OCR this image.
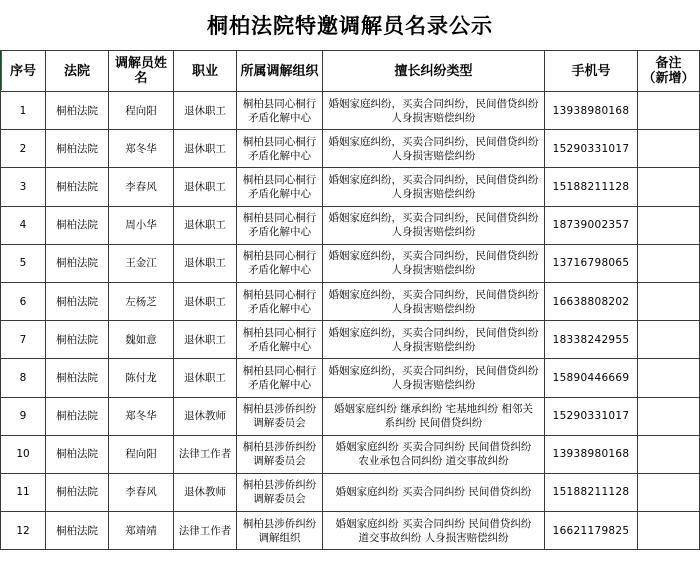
桐柏法院特邀调解员名录公示
序号	法院	调解员姓
名	职业	所属调解组织	擅长纠纷类型	手机号	备注
（新增）
1	桐柏法院	程向阳	退休职工	桐柏县同心桐行
矛盾化解中心	婚姻家庭纠纷，买卖合同纠纷，民间借贷纠纷
人身损害赔偿纠纷	13938980168	
2	桐柏法院	郑冬华	退休职工	桐柏县同心桐行
矛盾化解中心	婚姻家庭纠纷，买卖合同纠纷，民间借贷纠纷
人身损害赔偿纠纷	15290331017	
3	桐柏法院	李春风	退休职工	桐柏县同心桐行
矛盾化解中心	婚姻家庭纠纷，买卖合同纠纷，民间借贷纠纷
人身损害赔偿纠纷	15188211128	
4	桐柏法院	周小华	退休职工	桐柏县同心桐行
矛盾化解中心	婚姻家庭纠纷，买卖合同纠纷，民间借贷纠纷
人身损害赔偿纠纷	18739002357	
5	桐柏法院	王金江	退休职工	桐柏县同心桐行
矛盾化解中心	婚姻家庭纠纷，买卖合同纠纷，民间借贷纠纷
人身损害赔偿纠纷	13716798065	
6	桐柏法院	左杨芝	退休职工	桐柏县同心桐行
矛盾化解中心	婚姻家庭纠纷，买卖合同纠纷，民间借贷纠纷
人身损害赔偿纠纷	16638808202	
7	桐柏法院	魏如意	退休职工	桐柏县同心桐行
矛盾化解中心	婚姻家庭纠纷，买卖合同纠纷，民间借贷纠纷
人身损害赔偿纠纷	18338242955	
8	桐柏法院	陈付龙	退休职工	桐柏县同心桐行
矛盾化解中心	婚姻家庭纠纷，买卖合同纠纷，民间借贷纠纷
人身损害赔偿纠纷	15890446669	
9	桐柏法院	郑冬华	退休教师	桐柏县涉侨纠纷
调解委员会	婚姻家庭纠纷 继承纠纷 宅基地纠纷 相邻关
系纠纷 民间借贷纠纷	15290331017	
10	桐柏法院	程向阳	法律工作者	桐柏县涉侨纠纷
调解委员会	婚姻家庭纠纷 买卖合同纠纷 民间借贷纠纷
农业承包合同纠纷 道交事故纠纷	13938980168	
11	桐柏法院	李春风	退休教师	桐柏县涉侨纠纷
调解委员会	婚姻家庭纠纷 买卖合同纠纷 民间借贷纠纷	15188211128	
12	桐柏法院	郑靖靖	法律工作者	桐柏县涉侨纠纷
调解组织	婚姻家庭纠纷 买卖合同纠纷 民间借贷纠纷
道交事故纠纷 人身损害赔偿纠纷	16621179825	
